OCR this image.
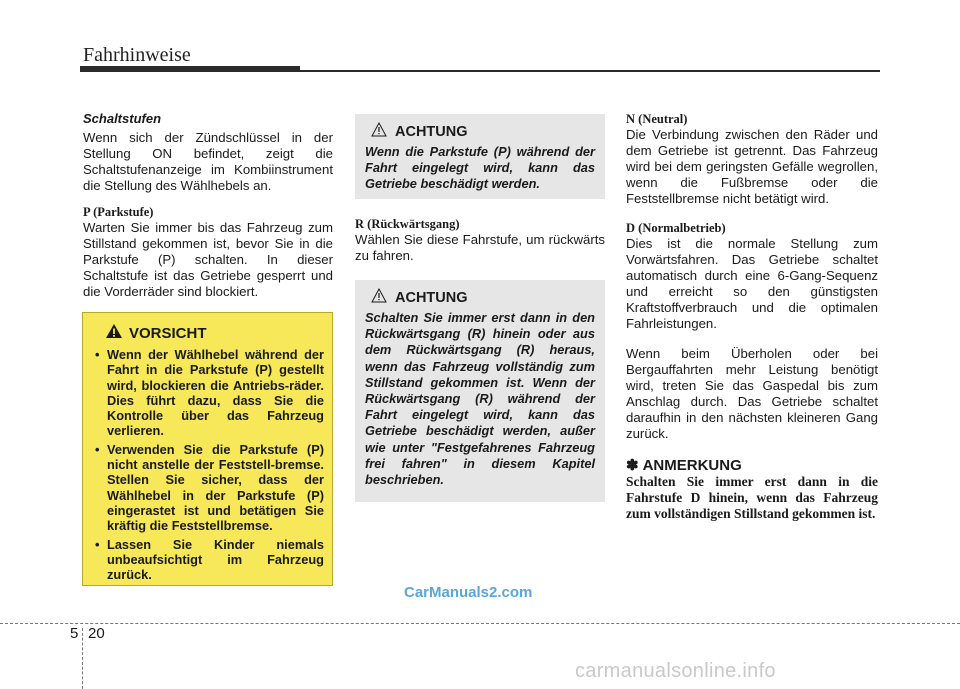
Fahrhinweise

Schaltstufen

Wenn sich der Zündschlüssel in der Stellung ON befindet, zeigt die Schaltstufenanzeige im Kombiinstrument die Stellung des Wählhebels an.

P (Parkstufe)

Warten Sie immer bis das Fahrzeug zum Stillstand gekommen ist, bevor Sie in die Parkstufe (P) schalten. In dieser Schaltstufe ist das Getriebe gesperrt und die Vorderräder sind blockiert.

VORSICHT
• Wenn der Wählhebel während der Fahrt in die Parkstufe (P) gestellt wird, blockieren die Antriebs-räder. Dies führt dazu, dass Sie die Kontrolle über das Fahrzeug verlieren.
• Verwenden Sie die Parkstufe (P) nicht anstelle der Feststell-bremse. Stellen Sie sicher, dass der Wählhebel in der Parkstufe (P) eingerastet ist und betätigen Sie kräftig die Feststellbremse.
• Lassen Sie Kinder niemals unbeaufsichtigt im Fahrzeug zurück.
ACHTUNG
Wenn die Parkstufe (P) während der Fahrt eingelegt wird, kann das Getriebe beschädigt werden.

R (Rückwärtsgang)

Wählen Sie diese Fahrstufe, um rückwärts zu fahren.

ACHTUNG
Schalten Sie immer erst dann in den Rückwärtsgang (R) hinein oder aus dem Rückwärtsgang (R) heraus, wenn das Fahrzeug vollständig zum Stillstand gekommen ist. Wenn der Rückwärtsgang (R) während der Fahrt eingelegt wird, kann das Getriebe beschädigt werden, außer wie unter "Festgefahrenes Fahrzeug frei fahren" in diesem Kapitel beschrieben.

N (Neutral)

Die Verbindung zwischen den Räder und dem Getriebe ist getrennt. Das Fahrzeug wird bei dem geringsten Gefälle wegrollen, wenn die Fußbremse oder die Feststellbremse nicht betätigt wird.

D (Normalbetrieb)

Dies ist die normale Stellung zum Vorwärtsfahren. Das Getriebe schaltet automatisch durch eine 6-Gang-Sequenz und erreicht so den günstigsten Kraftstoffverbrauch und die optimalen Fahrleistungen.

Wenn beim Überholen oder bei Bergauffahrten mehr Leistung benötigt wird, treten Sie das Gaspedal bis zum Anschlag durch. Das Getriebe schaltet daraufhin in den nächsten kleineren Gang zurück.

✽ ANMERKUNG

Schalten Sie immer erst dann in die Fahrstufe D hinein, wenn das Fahrzeug zum vollständigen Stillstand gekommen ist.

CarManuals2.com
5 20
carmanualsonline.info
